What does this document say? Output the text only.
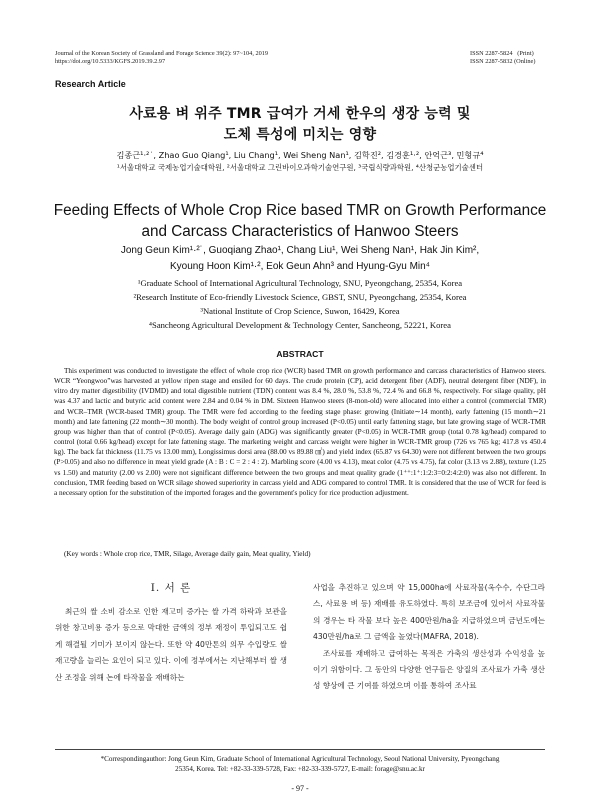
Journal of the Korean Society of Grassland and Forage Science 39(2): 97~104, 2019
https://doi.org/10.5333/KGFS.2019.39.2.97
ISSN 2287-5824   (Print)
ISSN 2287-5832 (Online)
Research Article
사료용 벼 위주 TMR 급여가 거세 한우의 생장 능력 및
도체 특성에 미치는 영향
김종근¹·²˙, Zhao Guo Qiang¹, Liu Chang¹, Wei Sheng Nan¹, 김학진², 김경훈¹·², 안억근³, 민형규⁴
¹서울대학교 국제농업기술대학원, ²서울대학교 그린바이오과학기술연구원, ³국립식량과학원, ⁴산청군농업기술센터
Feeding Effects of Whole Crop Rice based TMR on Growth Performance
and Carcass Characteristics of Hanwoo Steers
Jong Geun Kim¹·²˙, Guoqiang Zhao¹, Chang Liu¹, Wei Sheng Nan¹, Hak Jin Kim²,
Kyoung Hoon Kim¹·², Eok Geun Ahn³ and Hyung-Gyu Min⁴
¹Graduate School of International Agricultural Technology, SNU, Pyeongchang, 25354, Korea
²Research Institute of Eco-friendly Livestock Science, GBST, SNU, Pyeongchang, 25354, Korea
³National Institute of Crop Science, Suwon, 16429, Korea
⁴Sancheong Agricultural Development & Technology Center, Sancheong, 52221, Korea
ABSTRACT

This experiment was conducted to investigate the effect of whole crop rice (WCR) based TMR on growth performance and carcass characteristics of Hanwoo steers. WCR “Yeongwoo”was harvested at yellow ripen stage and ensiled for 60 days. The crude protein (CP), acid detergent fiber (ADF), neutral detergent fiber (NDF), in vitro dry matter digestibility (IVDMD) and total digestible nutrient (TDN) content was 8.4 %, 28.0 %, 53.8 %, 72.4 % and 66.8 %, respectively. For silage quality, pH was 4.37 and lactic and butyric acid content were 2.84 and 0.04 % in DM. Sixteen Hanwoo steers (8-mon-old) were allocated into either a control (commercial TMR) and WCR–TMR (WCR-based TMR) group. The TMR were fed according to the feeding stage phase: growing (Initiate∼14 month), early fattening (15 month∼21 month) and late fattening (22 month∼30 month). The body weight of control group increased (P<0.05) until early fattening stage, but late growing stage of WCR-TMR group was higher than that of control (P<0.05). Average daily gain (ADG) was significantly greater (P<0.05) in WCR-TMR group (total 0.78 kg/head) compared to control (total 0.66 kg/head) except for late fattening stage. The marketing weight and carcass weight were higher in WCR-TMR group (726 vs 765 kg; 417.8 vs 450.4 kg). The back fat thickness (11.75 vs 13.00 mm), Longissimus dorsi area (88.00 vs 89.88 ㎠) and yield index (65.87 vs 64.30) were not different between the two groups (P>0.05) and also no difference in meat yield grade (A : B : C = 2 : 4 : 2). Marbling score (4.00 vs 4.13), meat color (4.75 vs 4.75), fat color (3.13 vs 2.88), texture (1.25 vs 1.50) and maturity (2.00 vs 2.00) were not significant difference between the two groups and meat quality grade (1⁺⁺:1⁺:1:2:3=0:2:4:2:0) was also not different. In conclusion, TMR feeding based on WCR silage showed superiority in carcass yield and ADG compared to control TMR. It is considered that the use of WCR for feed is a necessary option for the substitution of the imported forages and the government's policy for rice production adjustment.

(Key words : Whole crop rice, TMR, Silage, Average daily gain, Meat quality, Yield)
Ⅰ. 서 론

최근의 쌀 소비 감소로 인한 재고미 증가는 쌀 가격 하락과 보관을 위한 창고비용 증가 등으로 막대한 금액의 정부 재정이 투입되고도 쉽게 해결될 기미가 보이지 않는다. 또한 약 40만톤의 의무 수입량도 쌀 재고량을 늘리는 요인이 되고 있다. 이에 정부에서는 지난해부터 쌀 생산 조정을 위해 논에 타작물을 재배하는

사업을 추진하고 있으며 약 15,000ha에 사료작물(옥수수, 수단그라스, 사료용 벼 등) 재배를 유도하였다. 특히 보조금에 있어서 사료작물의 경우는 타 작물 보다 높은 400만원/ha을 지급하였으며 금년도에는 430만원/ha로 그 금액을 높였다(MAFRA, 2018).

조사료를 재배하고 급여하는 목적은 가축의 생산성과 수익성을 높이기 위함이다. 그 동안의 다양한 연구들은 양질의 조사료가 가축 생산성 향상에 큰 기여를 하였으며 이를 통하여 조사료

*Correspondingauthor: Jong Geun Kim, Graduate School of International Agricultural Technology, Seoul National University, Pyeongchang
25354, Korea. Tel: +82-33-339-5728, Fax: +82-33-339-5727, E-mail: forage@snu.ac.kr
- 97 -
